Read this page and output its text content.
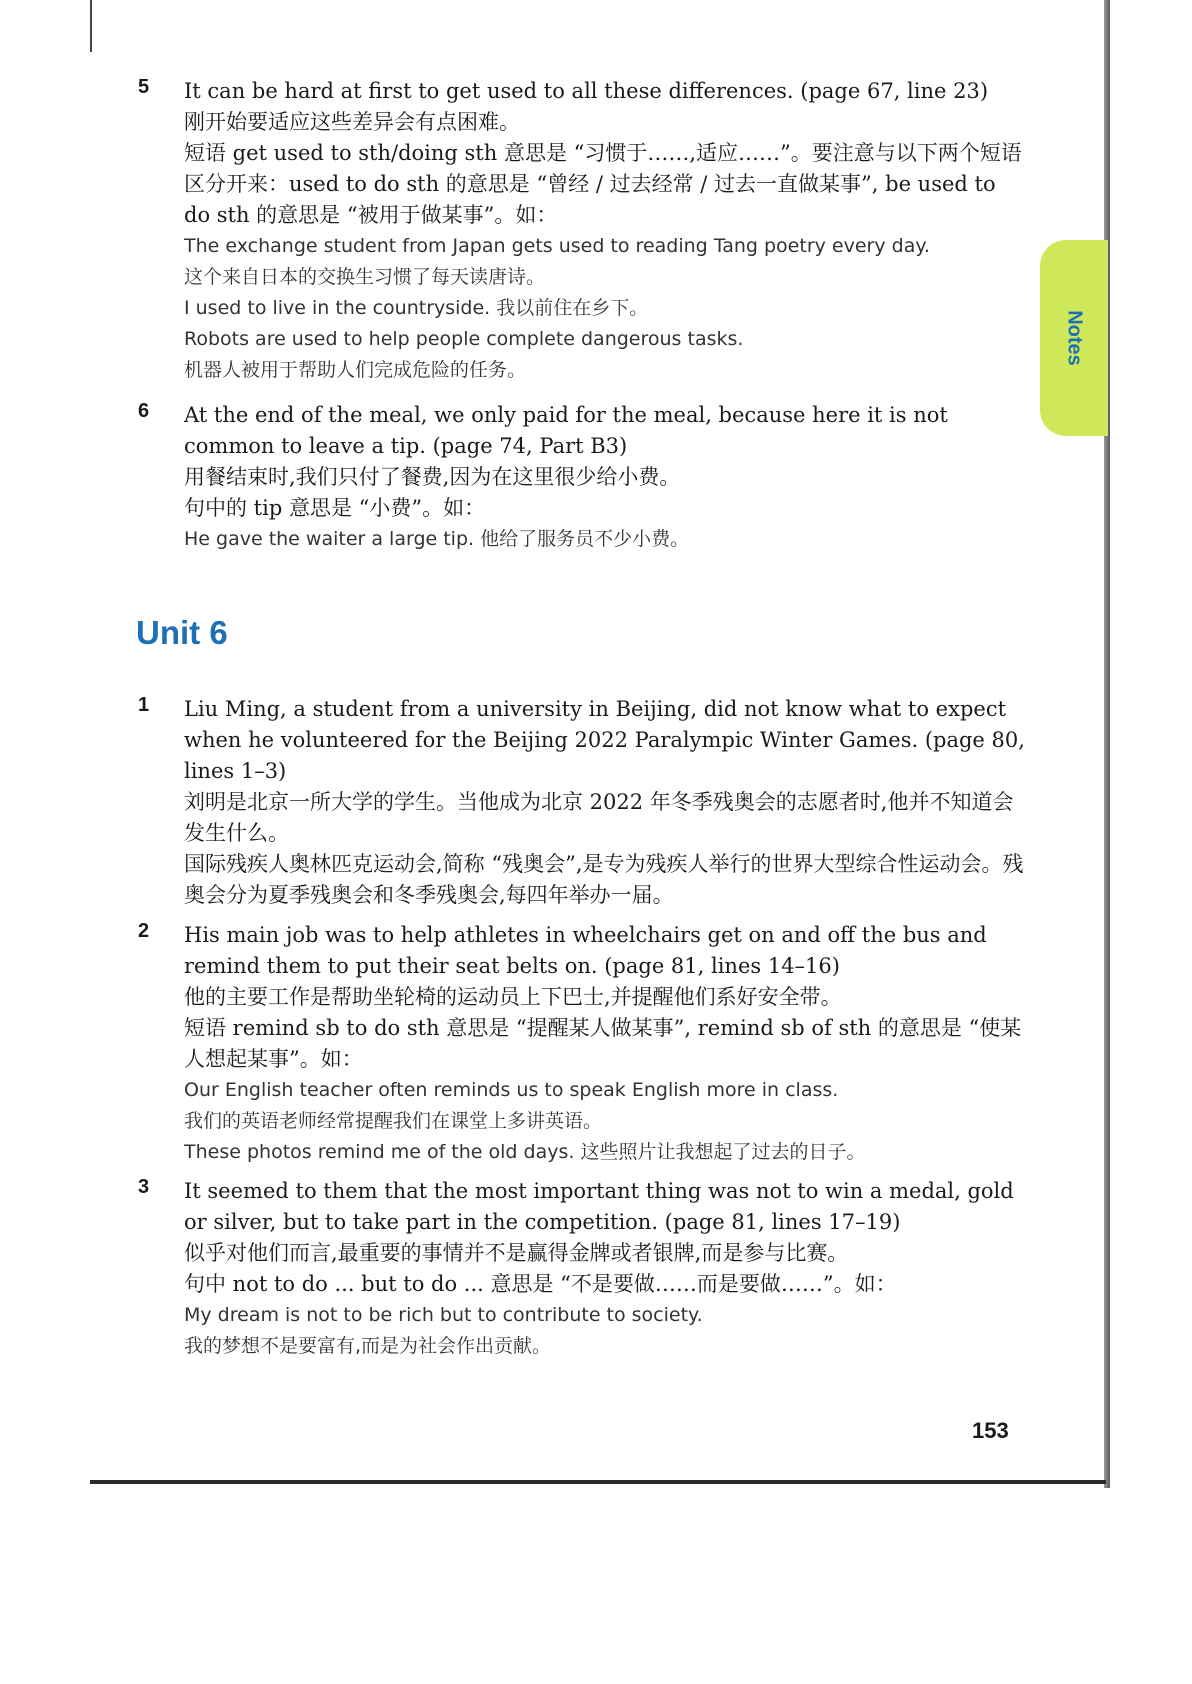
Notes
5 It can be hard at first to get used to all these differences. (page 67, line 23)

刚开始要适应这些差异会有点困难。

短语 get used to sth/doing sth 意思是 “习惯于……,适应……”。要注意与以下两个短语区分开来：used to do sth 的意思是 “曾经 / 过去经常 / 过去一直做某事”, be used to do sth 的意思是 “被用于做某事”。如：

The exchange student from Japan gets used to reading Tang poetry every day.

这个来自日本的交换生习惯了每天读唐诗。

I used to live in the countryside. 我以前住在乡下。

Robots are used to help people complete dangerous tasks.

机器人被用于帮助人们完成危险的任务。

6 At the end of the meal, we only paid for the meal, because here it is not common to leave a tip. (page 74, Part B3)

用餐结束时,我们只付了餐费,因为在这里很少给小费。

句中的 tip 意思是 “小费”。如：

He gave the waiter a large tip. 他给了服务员不少小费。

Unit 6
1 Liu Ming, a student from a university in Beijing, did not know what to expect when he volunteered for the Beijing 2022 Paralympic Winter Games. (page 80, lines 1–3)

刘明是北京一所大学的学生。当他成为北京 2022 年冬季残奥会的志愿者时,他并不知道会发生什么。

国际残疾人奥林匹克运动会,简称 “残奥会”,是专为残疾人举行的世界大型综合性运动会。残奥会分为夏季残奥会和冬季残奥会,每四年举办一届。

2 His main job was to help athletes in wheelchairs get on and off the bus and remind them to put their seat belts on. (page 81, lines 14–16)

他的主要工作是帮助坐轮椅的运动员上下巴士,并提醒他们系好安全带。

短语 remind sb to do sth 意思是 “提醒某人做某事”, remind sb of sth 的意思是 “使某人想起某事”。如：

Our English teacher often reminds us to speak English more in class.

我们的英语老师经常提醒我们在课堂上多讲英语。

These photos remind me of the old days. 这些照片让我想起了过去的日子。

3 It seemed to them that the most important thing was not to win a medal, gold or silver, but to take part in the competition. (page 81, lines 17–19)

似乎对他们而言,最重要的事情并不是赢得金牌或者银牌,而是参与比赛。

句中 not to do ... but to do ... 意思是 “不是要做……而是要做……”。如：

My dream is not to be rich but to contribute to society.

我的梦想不是要富有,而是为社会作出贡献。

153
